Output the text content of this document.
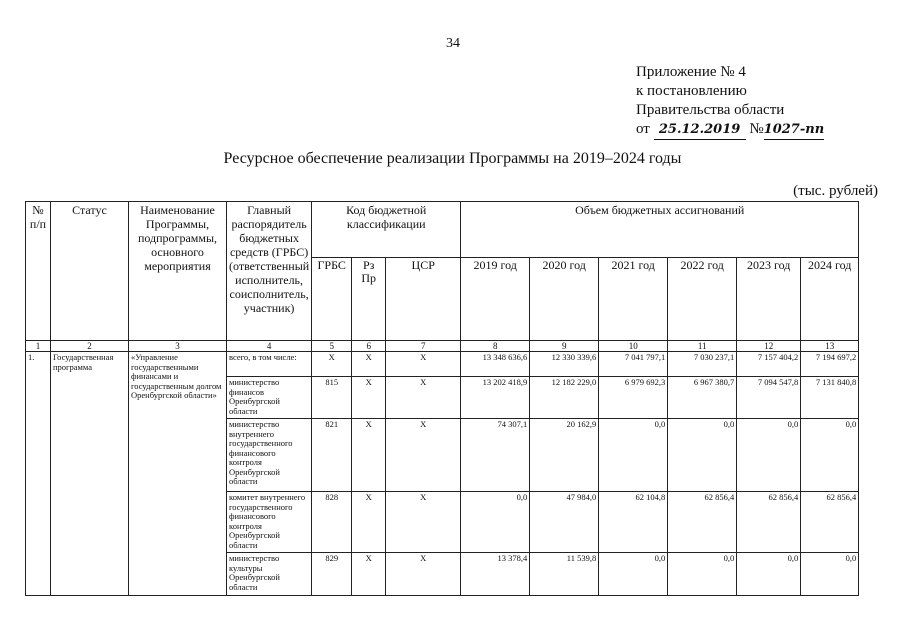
34
Приложение № 4
к постановлению
Правительства области
от 25.12.2019 №1027-пп
Ресурсное обеспечение реализации Программы на 2019–2024 годы
(тыс. рублей)
№ п/п	Статус	Наименование Программы, подпрограммы, основного мероприятия	Главный распорядитель бюджетных средств (ГРБС) (ответственный исполнитель, соисполнитель, участник)	Код бюджетной классификации			Объем бюджетных ассигнований					
				ГРБС	Рз Пр	ЦСР	2019 год	2020 год	2021 год	2022 год	2023 год	2024 год
1	2	3	4	5	6	7	8	9	10	11	12	13
1.	Государственная программа	«Управление государственными финансами и государственным долгом Оренбургской области»	всего, в том числе:	X	X	X	13 348 636,6	12 330 339,6	7 041 797,1	7 030 237,1	7 157 404,2	7 194 697,2
			министерство финансов Оренбургской области	815	X	X	13 202 418,9	12 182 229,0	6 979 692,3	6 967 380,7	7 094 547,8	7 131 840,8
			министерство внутреннего государственного финансового контроля Оренбургской области	821	X	X	74 307,1	20 162,9	0,0	0,0	0,0	0,0
			комитет внутреннего государственного финансового контроля Оренбургской области	828	X	X	0,0	47 984,0	62 104,8	62 856,4	62 856,4	62 856,4
			министерство культуры Оренбургской области	829	X	X	13 378,4	11 539,8	0,0	0,0	0,0	0,0
